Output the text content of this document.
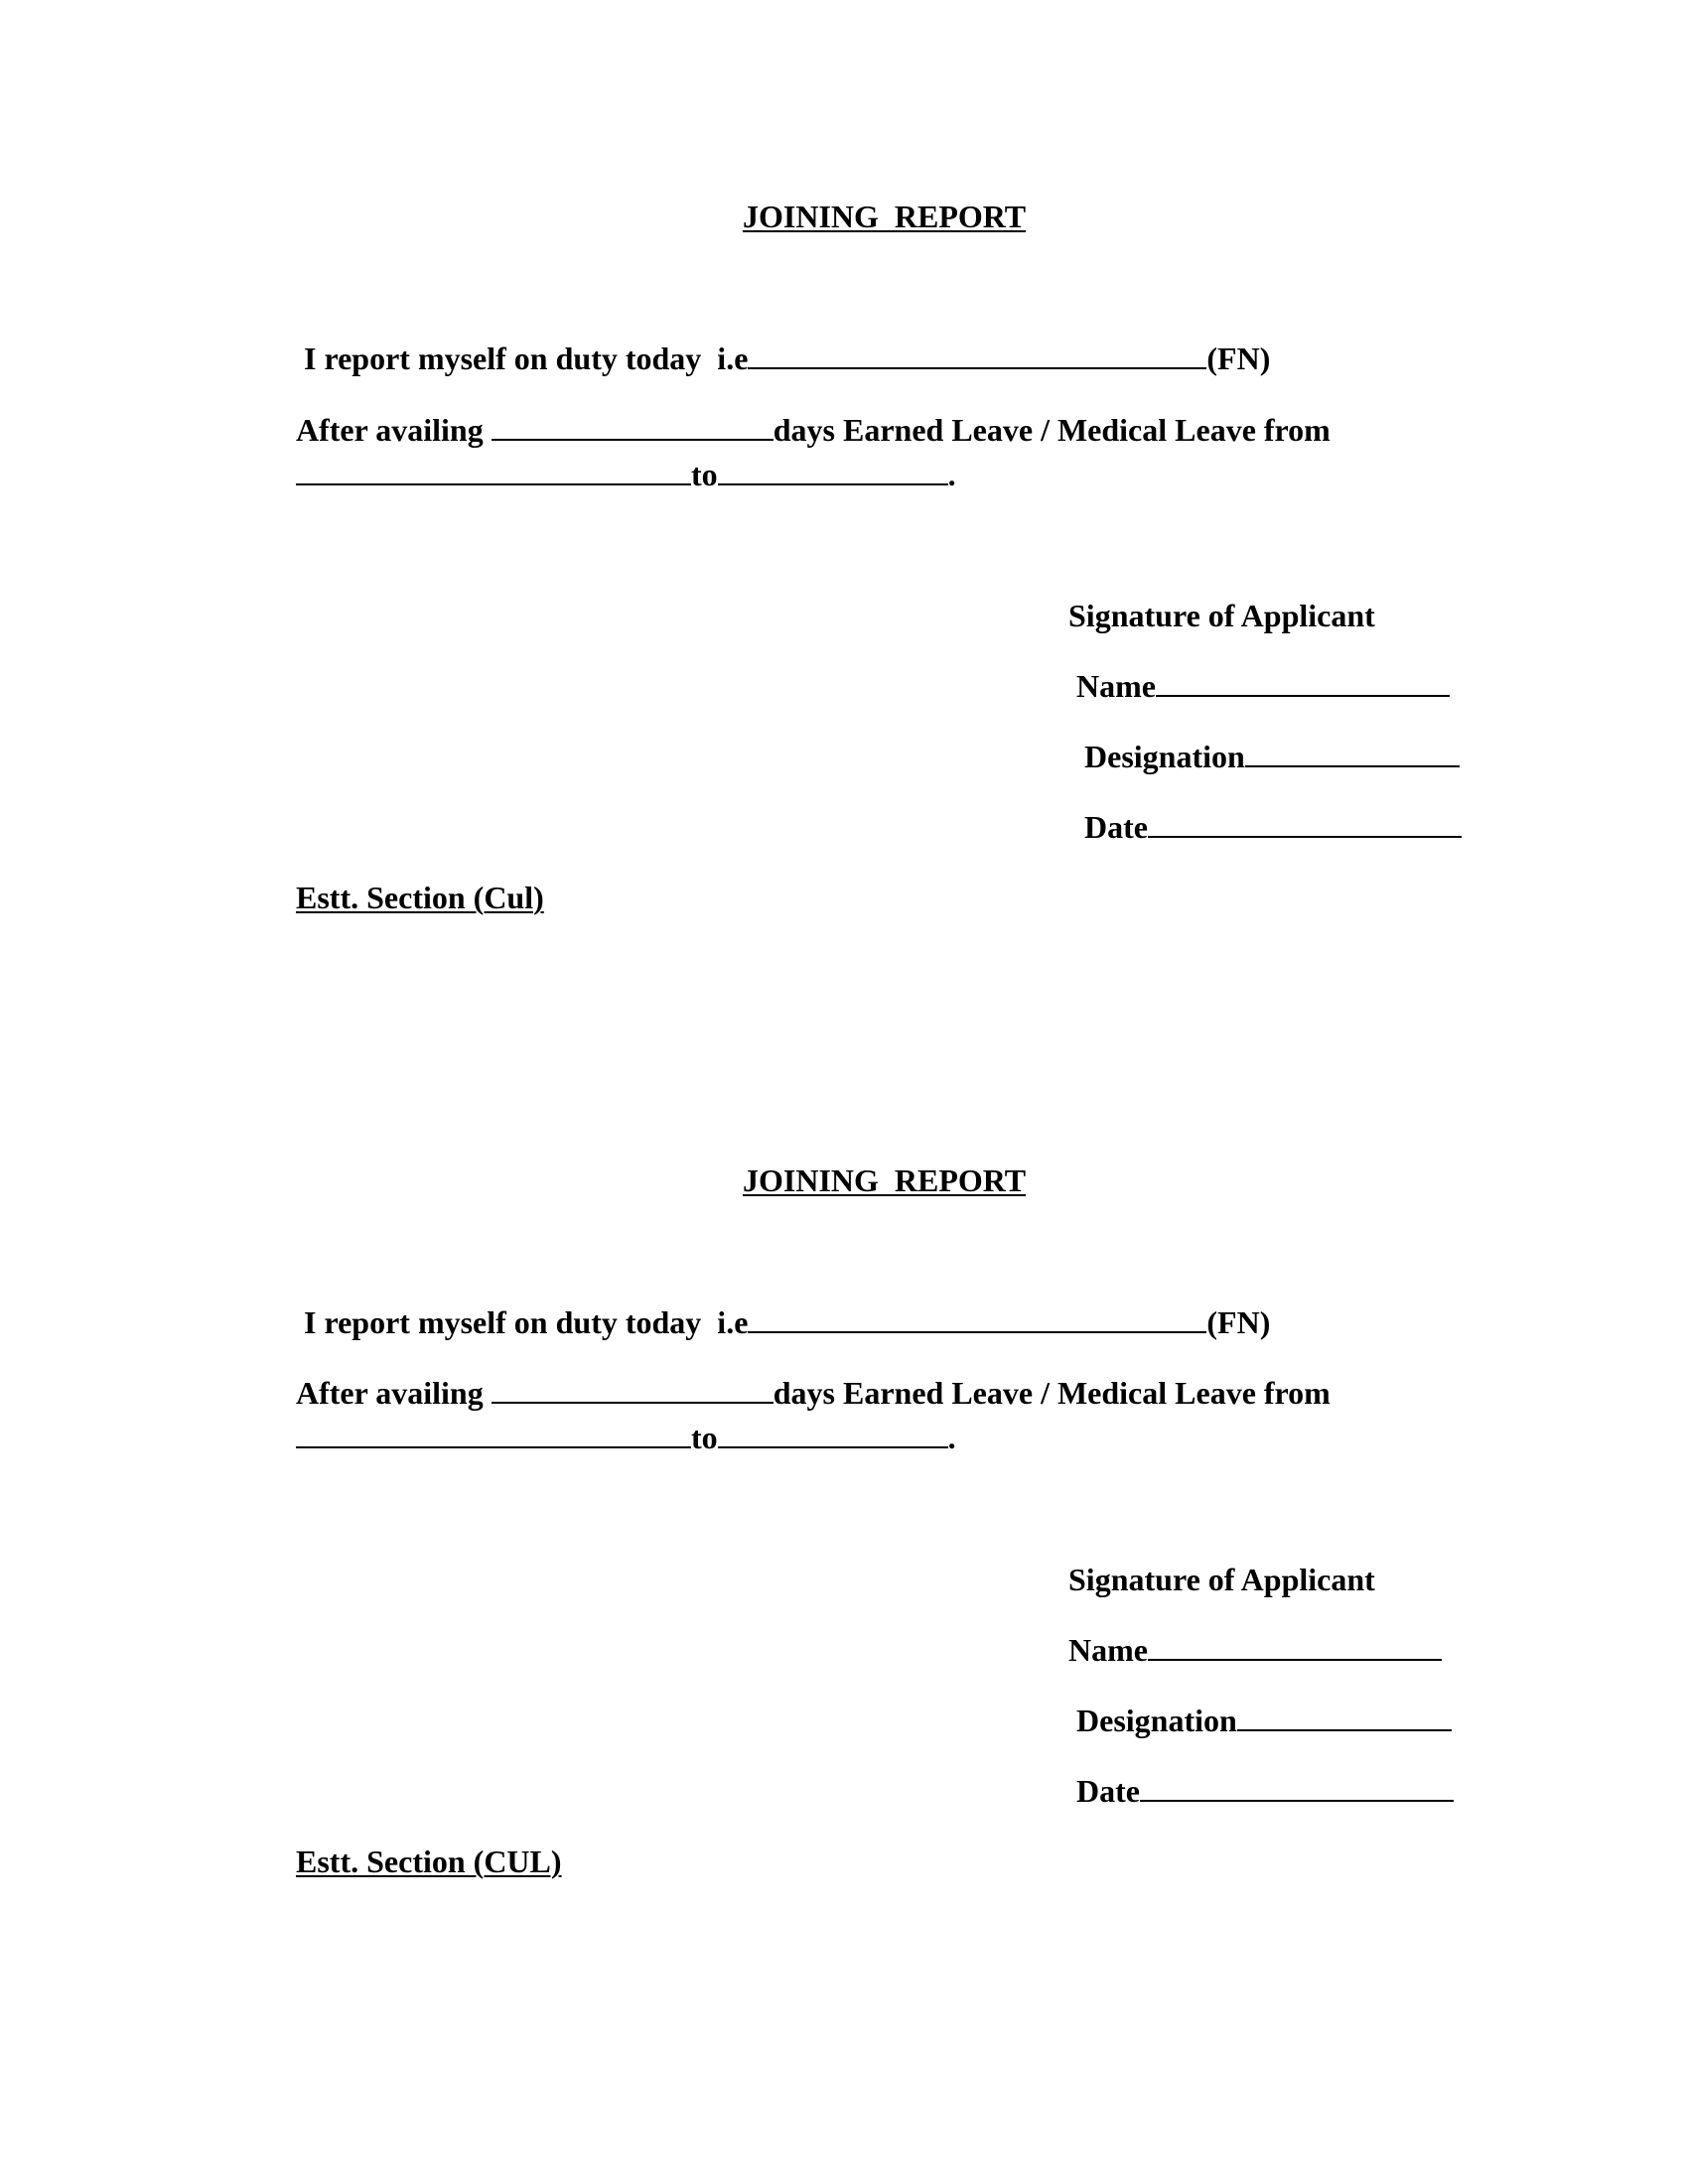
JOINING  REPORT
I report myself on duty today  i.e	(FN)
After availing	days Earned Leave / Medical Leave from
to	.
Signature of Applicant
Name
Designation
Date
Estt. Section (Cul)
JOINING  REPORT
I report myself on duty today  i.e	(FN)
After availing	days Earned Leave / Medical Leave from
to	.
Signature of Applicant
Name
Designation
Date
Estt. Section (CUL)
